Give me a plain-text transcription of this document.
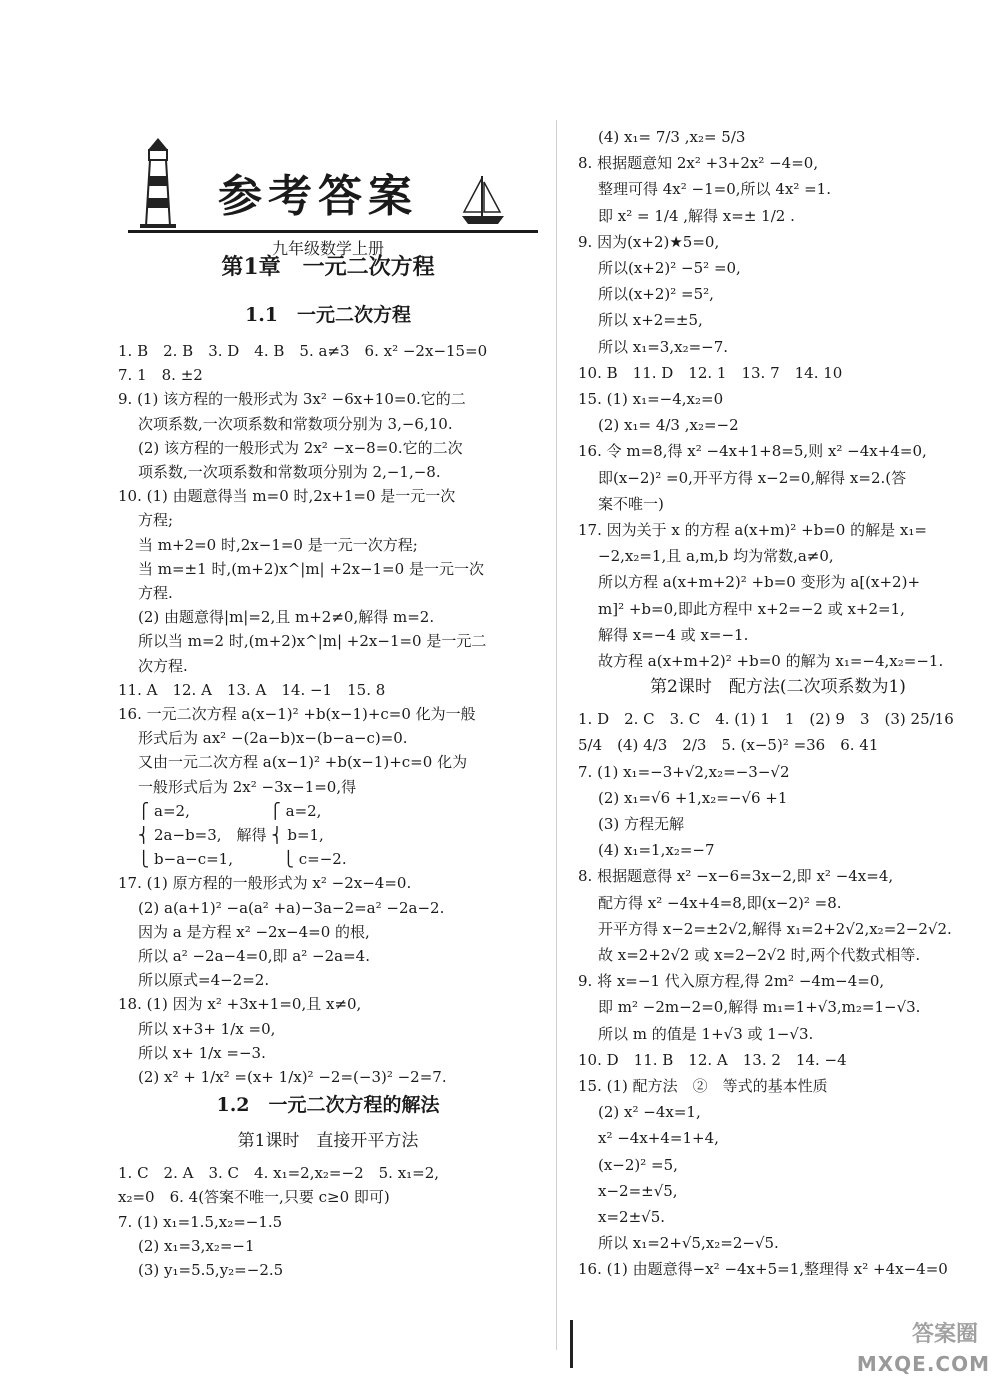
参考答案
九年级数学上册
第1章　一元二次方程
1.1　一元二次方程
1. B　2. B　3. D　4. B　5. a≠3　6. x² −2x−15=0
7. 1　8. ±2
9. (1) 该方程的一般形式为 3x² −6x+10=0.它的二
次项系数,一次项系数和常数项分别为 3,−6,10.
(2) 该方程的一般形式为 2x² −x−8=0.它的二次
项系数,一次项系数和常数项分别为 2,−1,−8.
10. (1) 由题意得当 m=0 时,2x+1=0 是一元一次
方程;
当 m+2=0 时,2x−1=0 是一元一次方程;
当 m=±1 时,(m+2)x^|m| +2x−1=0 是一元一次
方程.
(2) 由题意得|m|=2,且 m+2≠0,解得 m=2.
所以当 m=2 时,(m+2)x^|m| +2x−1=0 是一元二
次方程.
11. A　12. A　13. A　14. −1　15. 8
16. 一元二次方程 a(x−1)² +b(x−1)+c=0 化为一般
形式后为 ax² −(2a−b)x−(b−a−c)=0.
又由一元二次方程 a(x−1)² +b(x−1)+c=0 化为
一般形式后为 2x² −3x−1=0,得
⎧ a=2,　　　　　 ⎧ a=2,
⎨ 2a−b=3,　解得 ⎨ b=1,
⎩ b−a−c=1,　　　 ⎩ c=−2.
17. (1) 原方程的一般形式为 x² −2x−4=0.
(2) a(a+1)² −a(a² +a)−3a−2=a² −2a−2.
因为 a 是方程 x² −2x−4=0 的根,
所以 a² −2a−4=0,即 a² −2a=4.
所以原式=4−2=2.
18. (1) 因为 x² +3x+1=0,且 x≠0,
所以 x+3+ 1/x =0,
所以 x+ 1/x =−3.
(2) x² + 1/x² =(x+ 1/x)² −2=(−3)² −2=7.
1.2　一元二次方程的解法
第1课时　直接开平方法
1. C　2. A　3. C　4. x₁=2,x₂=−2　5. x₁=2,
x₂=0　6. 4(答案不唯一,只要 c≥0 即可)
7. (1) x₁=1.5,x₂=−1.5
(2) x₁=3,x₂=−1
(3) y₁=5.5,y₂=−2.5
(4) x₁= 7/3 ,x₂= 5/3
8. 根据题意知 2x² +3+2x² −4=0,
整理可得 4x² −1=0,所以 4x² =1.
即 x² = 1/4 ,解得 x=± 1/2 .
9. 因为(x+2)★5=0,
所以(x+2)² −5² =0,
所以(x+2)² =5²,
所以 x+2=±5,
所以 x₁=3,x₂=−7.
10. B　11. D　12. 1　13. 7　14. 10
15. (1) x₁=−4,x₂=0
(2) x₁= 4/3 ,x₂=−2
16. 令 m=8,得 x² −4x+1+8=5,则 x² −4x+4=0,
即(x−2)² =0,开平方得 x−2=0,解得 x=2.(答
案不唯一)
17. 因为关于 x 的方程 a(x+m)² +b=0 的解是 x₁=
−2,x₂=1,且 a,m,b 均为常数,a≠0,
所以方程 a(x+m+2)² +b=0 变形为 a[(x+2)+
m]² +b=0,即此方程中 x+2=−2 或 x+2=1,
解得 x=−4 或 x=−1.
故方程 a(x+m+2)² +b=0 的解为 x₁=−4,x₂=−1.
第2课时　配方法(二次项系数为1)
1. D　2. C　3. C　4. (1) 1　1　(2) 9　3　(3) 25/16
5/4　(4) 4/3　2/3　5. (x−5)² =36　6. 41
7. (1) x₁=−3+√2,x₂=−3−√2
(2) x₁=√6 +1,x₂=−√6 +1
(3) 方程无解
(4) x₁=1,x₂=−7
8. 根据题意得 x² −x−6=3x−2,即 x² −4x=4,
配方得 x² −4x+4=8,即(x−2)² =8.
开平方得 x−2=±2√2,解得 x₁=2+2√2,x₂=2−2√2.
故 x=2+2√2 或 x=2−2√2 时,两个代数式相等.
9. 将 x=−1 代入原方程,得 2m² −4m−4=0,
即 m² −2m−2=0,解得 m₁=1+√3,m₂=1−√3.
所以 m 的值是 1+√3 或 1−√3.
10. D　11. B　12. A　13. 2　14. −4
15. (1) 配方法　②　等式的基本性质
(2) x² −4x=1,
x² −4x+4=1+4,
(x−2)² =5,
x−2=±√5,
x=2±√5.
所以 x₁=2+√5,x₂=2−√5.
16. (1) 由题意得−x² −4x+5=1,整理得 x² +4x−4=0
答案圈
MXQE.COM
